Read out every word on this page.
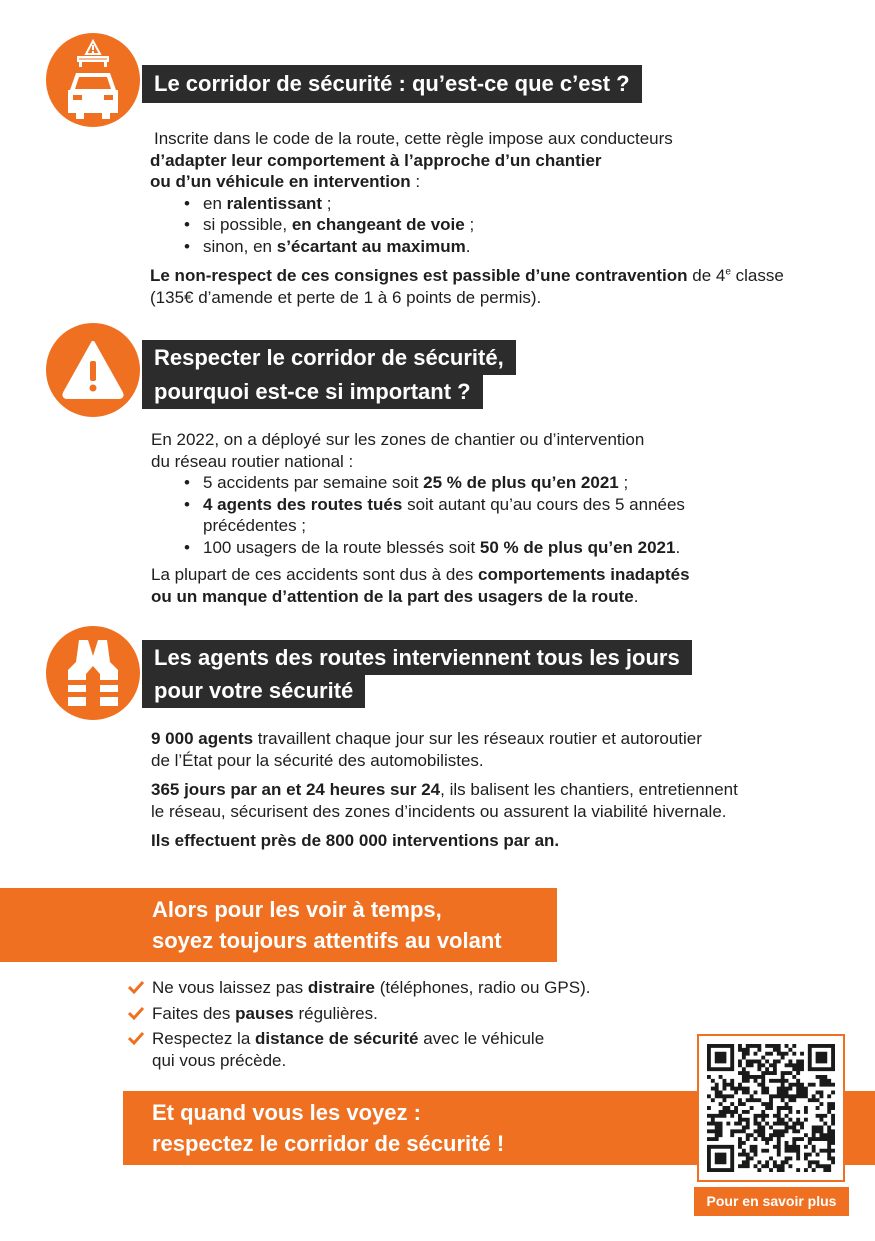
Le corridor de sécurité : qu’est-ce que c’est ?

Inscrite dans le code de la route, cette règle impose aux conducteurs

d’adapter leur comportement à l’approche d’un chantier

ou d’un véhicule en intervention :

• en ralentissant ;
• si possible, en changeant de voie ;
• sinon, en s’écartant au maximum.

Le non-respect de ces consignes est passible d’une contravention de 4e classe

(135€ d’amende et perte de 1 à 6 points de permis).

Respecter le corridor de sécurité,
pourquoi est-ce si important ?

En 2022, on a déployé sur les zones de chantier ou d’intervention

du réseau routier national :

• 5 accidents par semaine soit 25 % de plus qu’en 2021 ;
• 4 agents des routes tués soit autant qu’au cours des 5 années
précédentes ;
• 100 usagers de la route blessés soit 50 % de plus qu’en 2021.

La plupart de ces accidents sont dus à des comportements inadaptés

ou un manque d’attention de la part des usagers de la route.

Les agents des routes interviennent tous les jours
pour votre sécurité

9 000 agents travaillent chaque jour sur les réseaux routier et autoroutier

de l’État pour la sécurité des automobilistes.

365 jours par an et 24 heures sur 24, ils balisent les chantiers, entretiennent

le réseau, sécurisent des zones d’incidents ou assurent la viabilité hivernale.

Ils effectuent près de 800 000 interventions par an.

Alors pour les voir à temps,
soyez toujours attentifs au volant
Ne vous laissez pas distraire (téléphones, radio ou GPS).
Faites des pauses régulières.
Respectez la distance de sécurité avec le véhicule
qui vous précède.
Et quand vous les voyez :
respectez le corridor de sécurité !
Pour en savoir plus
